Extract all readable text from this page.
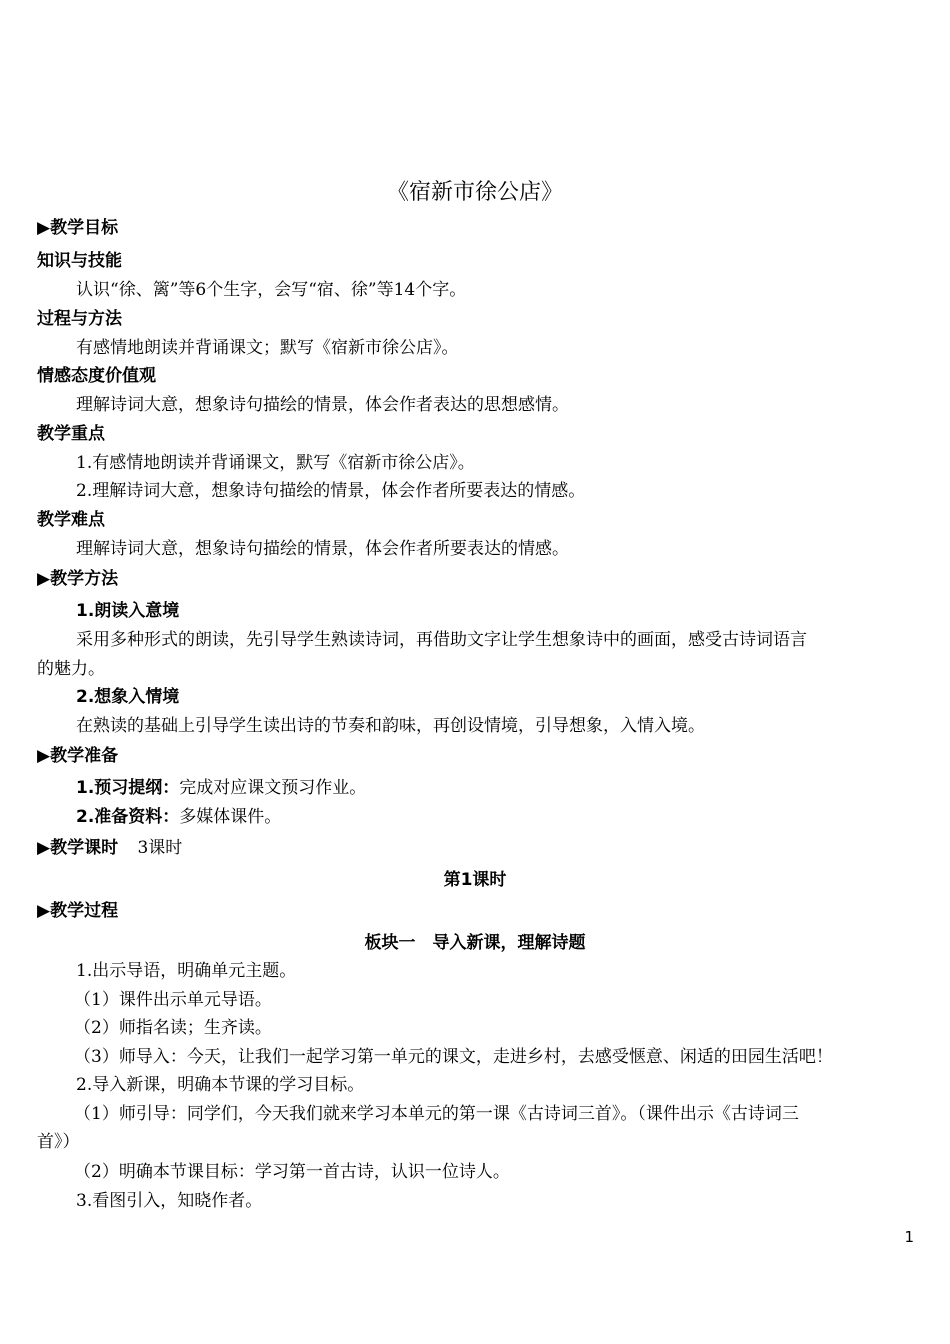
《宿新市徐公店》
▶教学目标
知识与技能
认识“徐、篱”等6个生字，会写“宿、徐”等14个字。
过程与方法
有感情地朗读并背诵课文；默写《宿新市徐公店》。
情感态度价值观
理解诗词大意，想象诗句描绘的情景，体会作者表达的思想感情。
教学重点
1.有感情地朗读并背诵课文，默写《宿新市徐公店》。
2.理解诗词大意，想象诗句描绘的情景，体会作者所要表达的情感。
教学难点
理解诗词大意，想象诗句描绘的情景，体会作者所要表达的情感。
▶教学方法
1.朗读入意境
采用多种形式的朗读，先引导学生熟读诗词，再借助文字让学生想象诗中的画面，感受古诗词语言
的魅力。
2.想象入情境
在熟读的基础上引导学生读出诗的节奏和韵味，再创设情境，引导想象，入情入境。
▶教学准备
1.预习提纲：完成对应课文预习作业。
2.准备资料：多媒体课件。
▶教学课时 3课时
第1课时
▶教学过程
板块一　导入新课，理解诗题
1.出示导语，明确单元主题。
（1）课件出示单元导语。
（2）师指名读；生齐读。
（3）师导入：今天，让我们一起学习第一单元的课文，走进乡村，去感受惬意、闲适的田园生活吧！
2.导入新课，明确本节课的学习目标。
（1）师引导：同学们，今天我们就来学习本单元的第一课《古诗词三首》。（课件出示《古诗词三
首》）
（2）明确本节课目标：学习第一首古诗，认识一位诗人。
3.看图引入，知晓作者。
1
